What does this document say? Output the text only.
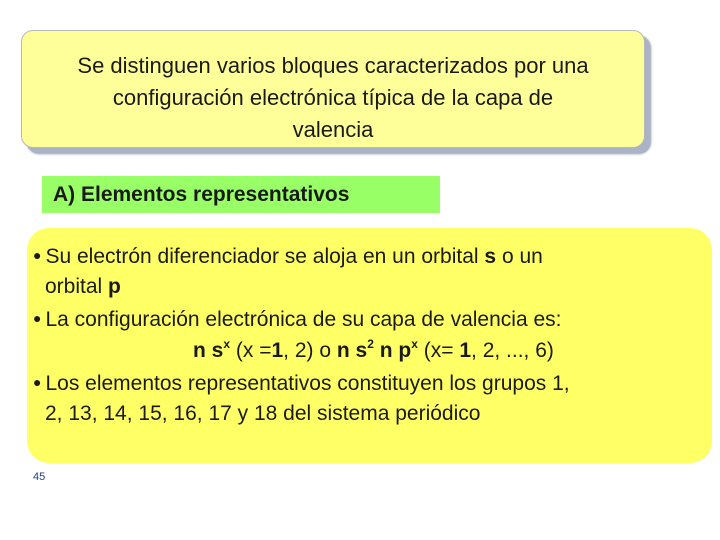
Se distinguen varios bloques caracterizados por una
configuración electrónica típica de la capa de
valencia
A) Elementos representativos
● Su electrón diferenciador se aloja en un orbital s o un
orbital p
● La configuración electrónica de su capa de valencia es:
n $s^x$ (x =1, 2) o n $s^2$ n $p^x$ (x= 1, 2, ..., 6)
● Los elementos representativos constituyen los grupos 1,
2, 13, 14, 15, 16, 17 y 18 del sistema periódico
45
